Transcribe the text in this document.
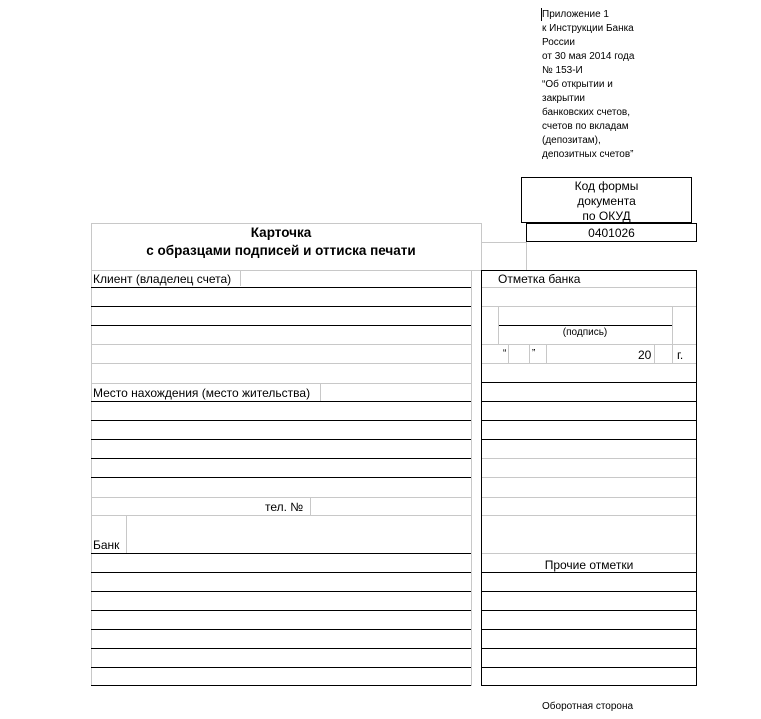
Приложение 1
к Инструкции Банка
России
от 30 мая 2014 года
№ 153-И
“Об открытии и
закрытии
банковских счетов,
счетов по вкладам
(депозитам),
депозитных счетов”
Код формы
документа
по ОКУД
0401026
Карточка
с образцами подписей и оттиска печати
Клиент (владелец счета)
Место нахождения (место жительства)
тел. №
Банк
Отметка банка
(подпись)
“	”	20 г.
Прочие отметки
Оборотная сторона
